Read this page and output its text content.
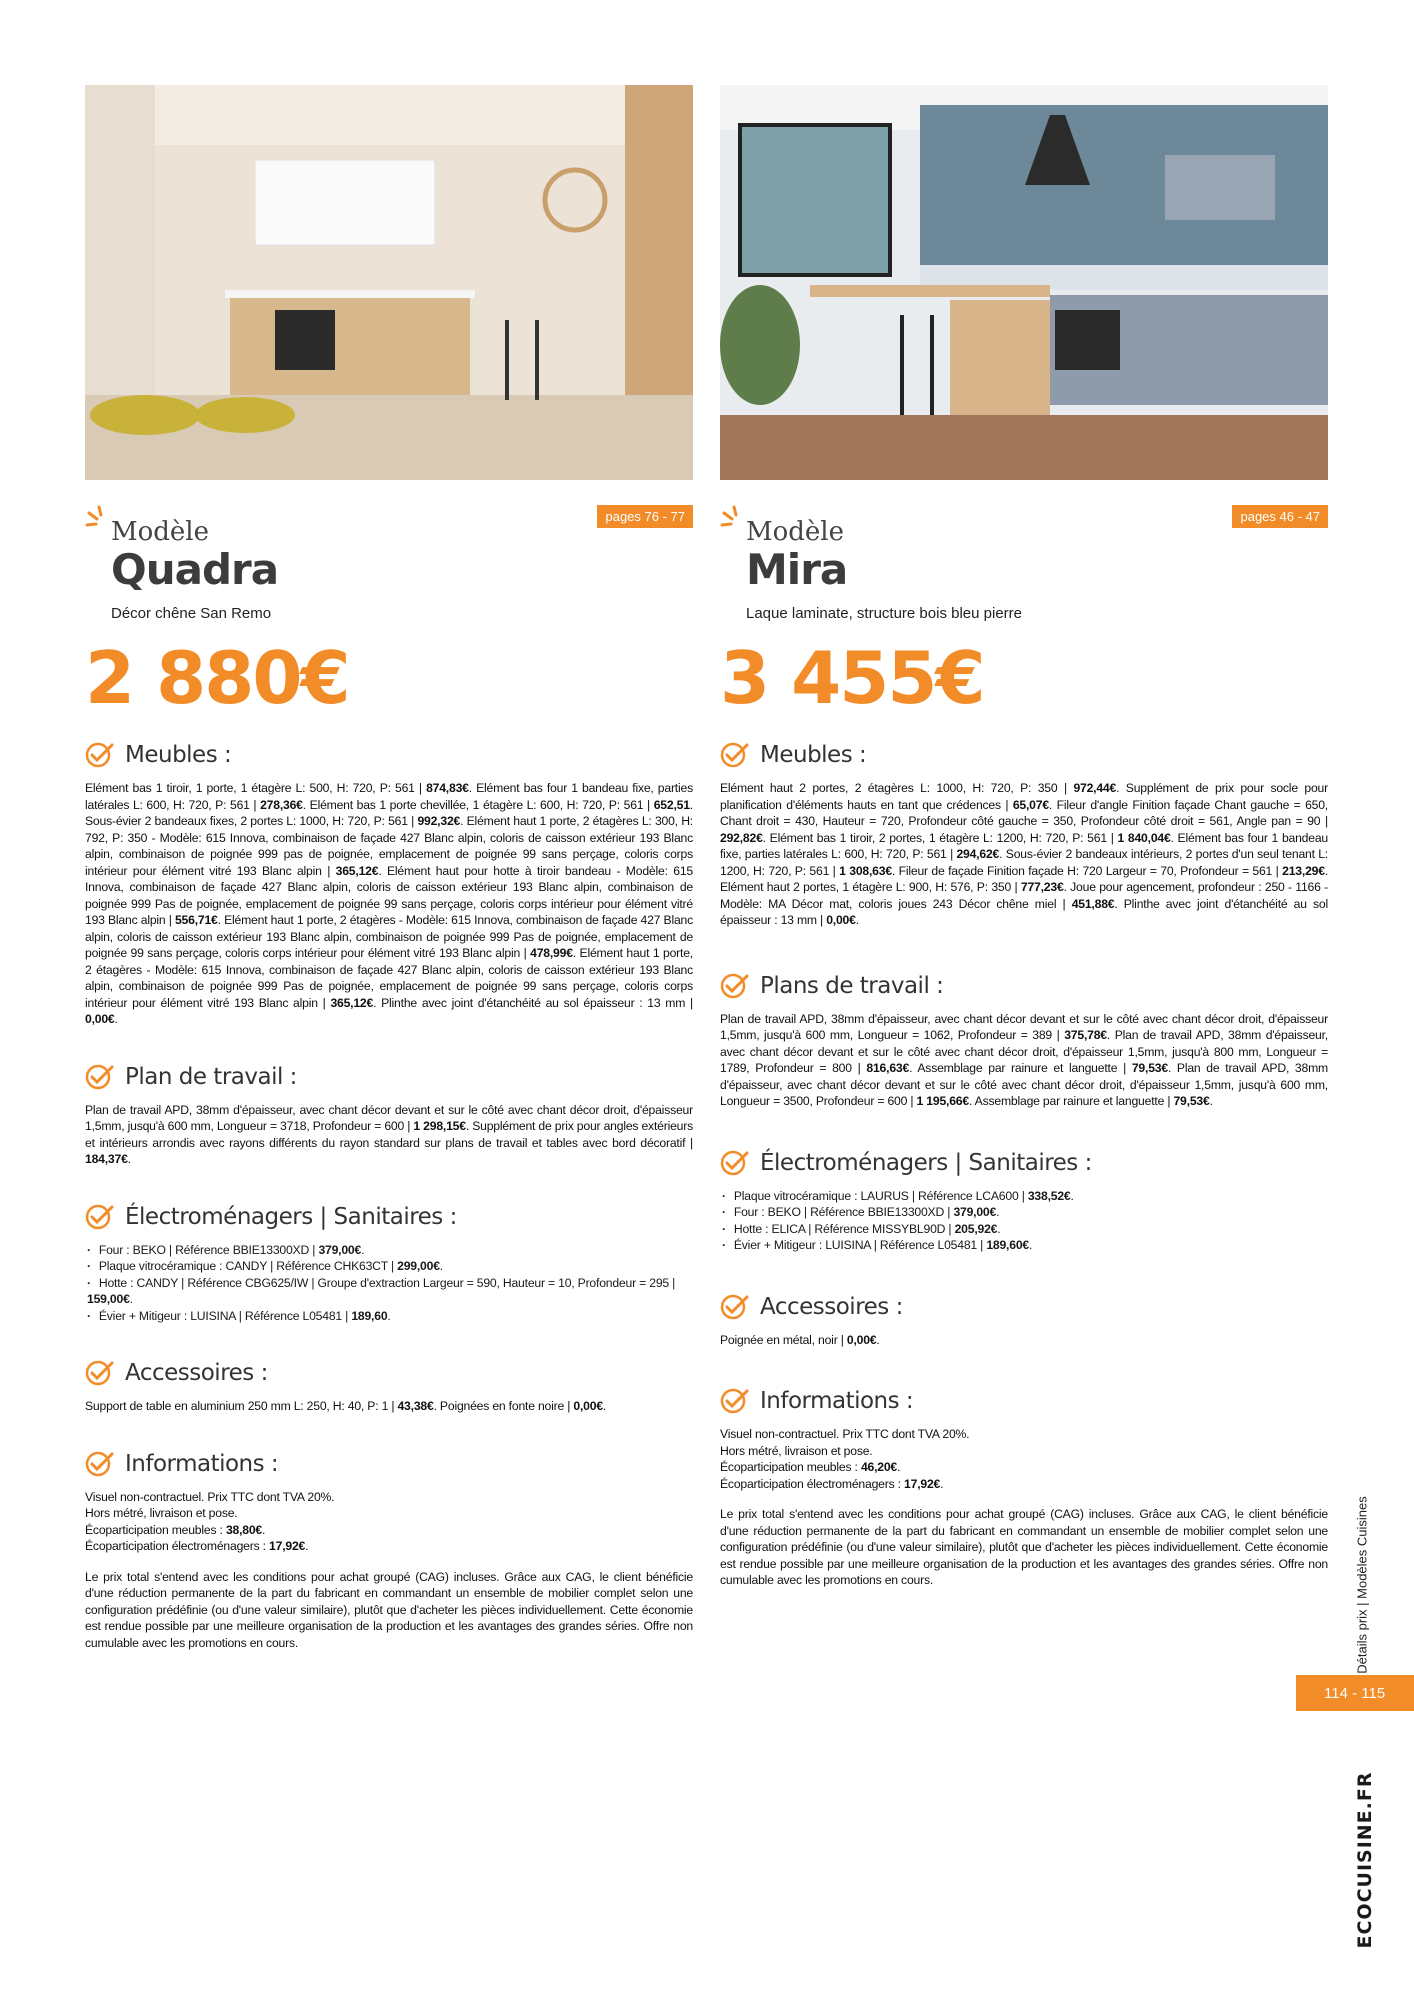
Modèle
Quadra
pages 76 - 77
Décor chêne San Remo
2 880€
Meubles :
Elément bas 1 tiroir, 1 porte, 1 étagère L: 500, H: 720, P: 561 | 874,83€. Elément bas four 1 bandeau fixe, parties latérales L: 600, H: 720, P: 561 | 278,36€. Elément bas 1 porte chevillée, 1 étagère L: 600, H: 720, P: 561 | 652,51. Sous-évier 2 bandeaux fixes, 2 portes L: 1000, H: 720, P: 561 | 992,32€. Elément haut 1 porte, 2 étagères L: 300, H: 792, P: 350 - Modèle: 615 Innova, combinaison de façade 427 Blanc alpin, coloris de caisson extérieur 193 Blanc alpin, combinaison de poignée 999 pas de poignée, emplacement de poignée 99 sans perçage, coloris corps intérieur pour élément vitré 193 Blanc alpin | 365,12€. Elément haut pour hotte à tiroir bandeau - Modèle: 615 Innova, combinaison de façade 427 Blanc alpin, coloris de caisson extérieur 193 Blanc alpin, combinaison de poignée 999 Pas de poignée, emplacement de poignée 99 sans perçage, coloris corps intérieur pour élément vitré 193 Blanc alpin | 556,71€. Elément haut 1 porte, 2 étagères - Modèle: 615 Innova, combinaison de façade 427 Blanc alpin, coloris de caisson extérieur 193 Blanc alpin, combinaison de poignée 999 Pas de poignée, emplacement de poignée 99 sans perçage, coloris corps intérieur pour élément vitré 193 Blanc alpin | 478,99€. Elément haut 1 porte, 2 étagères - Modèle: 615 Innova, combinaison de façade 427 Blanc alpin, coloris de caisson extérieur 193 Blanc alpin, combinaison de poignée 999 Pas de poignée, emplacement de poignée 99 sans perçage, coloris corps intérieur pour élément vitré 193 Blanc alpin | 365,12€. Plinthe avec joint d'étanchéité au sol épaisseur : 13 mm | 0,00€.
Plan de travail :
Plan de travail APD, 38mm d'épaisseur, avec chant décor devant et sur le côté avec chant décor droit, d'épaisseur 1,5mm, jusqu'à 600 mm, Longueur = 3718, Profondeur = 600 | 1 298,15€. Supplément de prix pour angles extérieurs et intérieurs arrondis avec rayons différents du rayon standard sur plans de travail et tables avec bord décoratif | 184,37€.
Électroménagers | Sanitaires :
· Four : BEKO | Référence BBIE13300XD | 379,00€.
· Plaque vitrocéramique : CANDY | Référence CHK63CT | 299,00€.
· Hotte : CANDY | Référence CBG625/IW | Groupe d'extraction Largeur = 590, Hauteur = 10, Profondeur = 295 | 159,00€.
· Évier + Mitigeur : LUISINA | Référence L05481 | 189,60.
Accessoires :
Support de table en aluminium 250 mm L: 250, H: 40, P: 1 | 43,38€. Poignées en fonte noire | 0,00€.
Informations :
Visuel non-contractuel. Prix TTC dont TVA 20%.
Hors métré, livraison et pose.
Écoparticipation meubles : 38,80€.
Écoparticipation électroménagers : 17,92€.
Le prix total s'entend avec les conditions pour achat groupé (CAG) incluses. Grâce aux CAG, le client bénéficie d'une réduction permanente de la part du fabricant en commandant un ensemble de mobilier complet selon une configuration prédéfinie (ou d'une valeur similaire), plutôt que d'acheter les pièces individuellement. Cette économie est rendue possible par une meilleure organisation de la production et les avantages des grandes séries. Offre non cumulable avec les promotions en cours.
Modèle
Mira
pages 46 - 47
Laque laminate, structure bois bleu pierre
3 455€
Meubles :
Elément haut 2 portes, 2 étagères L: 1000, H: 720, P: 350 | 972,44€. Supplément de prix pour socle pour planification d'éléments hauts en tant que crédences | 65,07€. Fileur d'angle Finition façade Chant gauche = 650, Chant droit = 430, Hauteur = 720, Profondeur côté gauche = 350, Profondeur côté droit = 561, Angle pan = 90 | 292,82€. Elément bas 1 tiroir, 2 portes, 1 étagère L: 1200, H: 720, P: 561 | 1 840,04€. Elément bas four 1 bandeau fixe, parties latérales L: 600, H: 720, P: 561 | 294,62€. Sous-évier 2 bandeaux intérieurs, 2 portes d'un seul tenant L: 1200, H: 720, P: 561 | 1 308,63€. Fileur de façade Finition façade H: 720 Largeur = 70, Profondeur = 561 | 213,29€. Elément haut 2 portes, 1 étagère L: 900, H: 576, P: 350 | 777,23€. Joue pour agencement, profondeur : 250 - 1166 - Modèle: MA Décor mat, coloris joues 243 Décor chêne miel | 451,88€. Plinthe avec joint d'étanchéité au sol épaisseur : 13 mm | 0,00€.
Plans de travail :
Plan de travail APD, 38mm d'épaisseur, avec chant décor devant et sur le côté avec chant décor droit, d'épaisseur 1,5mm, jusqu'à 600 mm, Longueur = 1062, Profondeur = 389 | 375,78€. Plan de travail APD, 38mm d'épaisseur, avec chant décor devant et sur le côté avec chant décor droit, d'épaisseur 1,5mm, jusqu'à 800 mm, Longueur = 1789, Profondeur = 800 | 816,63€. Assemblage par rainure et languette | 79,53€. Plan de travail APD, 38mm d'épaisseur, avec chant décor devant et sur le côté avec chant décor droit, d'épaisseur 1,5mm, jusqu'à 600 mm, Longueur = 3500, Profondeur = 600 | 1 195,66€. Assemblage par rainure et languette | 79,53€.
Électroménagers | Sanitaires :
· Plaque vitrocéramique : LAURUS | Référence LCA600 | 338,52€.
· Four : BEKO | Référence BBIE13300XD | 379,00€.
· Hotte : ELICA | Référence MISSYBL90D | 205,92€.
· Évier + Mitigeur : LUISINA | Référence L05481 | 189,60€.
Accessoires :
Poignée en métal, noir | 0,00€.
Informations :
Visuel non-contractuel. Prix TTC dont TVA 20%.
Hors métré, livraison et pose.
Écoparticipation meubles : 46,20€.
Écoparticipation électroménagers : 17,92€.
Le prix total s'entend avec les conditions pour achat groupé (CAG) incluses. Grâce aux CAG, le client bénéficie d'une réduction permanente de la part du fabricant en commandant un ensemble de mobilier complet selon une configuration prédéfinie (ou d'une valeur similaire), plutôt que d'acheter les pièces individuellement. Cette économie est rendue possible par une meilleure organisation de la production et les avantages des grandes séries. Offre non cumulable avec les promotions en cours.	Détails prix | Modèles Cuisines
114 - 115
ECOCUISINE.FR
